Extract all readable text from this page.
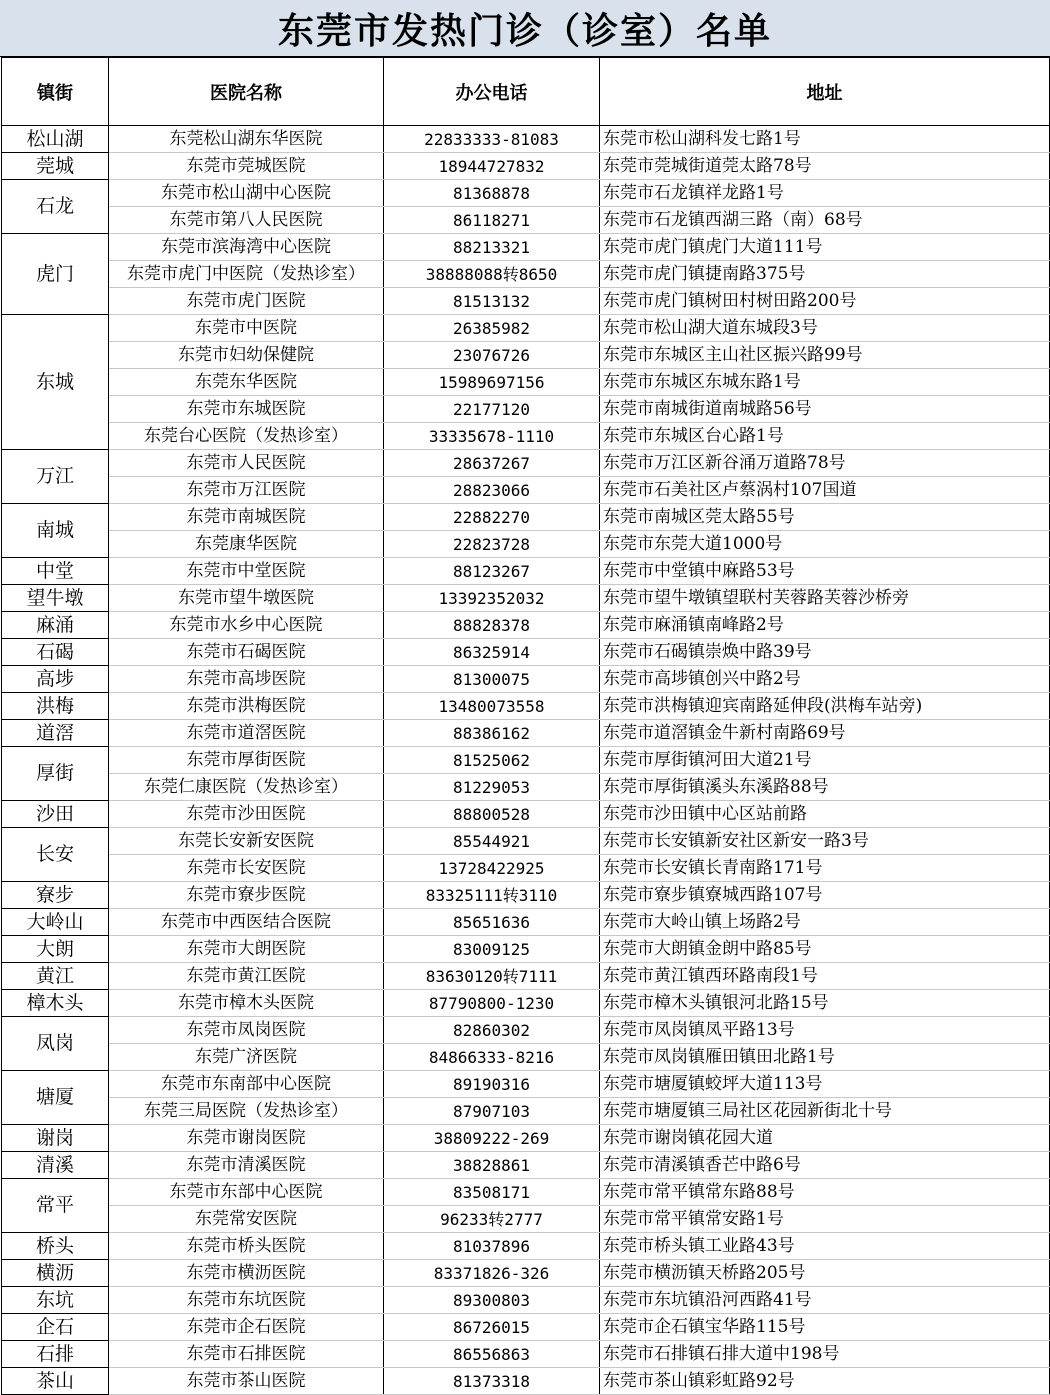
东莞市发热门诊（诊室）名单
镇街	医院名称	办公电话	地址
松山湖	东莞松山湖东华医院	22833333-81083	东莞市松山湖科发七路1号
莞城	东莞市莞城医院	18944727832	东莞市莞城街道莞太路78号
石龙	东莞市松山湖中心医院	81368878	东莞市石龙镇祥龙路1号
	东莞市第八人民医院	86118271	东莞市石龙镇西湖三路（南）68号
虎门	东莞市滨海湾中心医院	88213321	东莞市虎门镇虎门大道111号
	东莞市虎门中医院（发热诊室）	38888088转8650	东莞市虎门镇捷南路375号
	东莞市虎门医院	81513132	东莞市虎门镇树田村树田路200号
东城	东莞市中医院	26385982	东莞市松山湖大道东城段3号
	东莞市妇幼保健院	23076726	东莞市东城区主山社区振兴路99号
	东莞东华医院	15989697156	东莞市东城区东城东路1号
	东莞市东城医院	22177120	东莞市南城街道南城路56号
	东莞台心医院（发热诊室）	33335678-1110	东莞市东城区台心路1号
万江	东莞市人民医院	28637267	东莞市万江区新谷涌万道路78号
	东莞市万江医院	28823066	东莞市石美社区卢蔡涡村107国道
南城	东莞市南城医院	22882270	东莞市南城区莞太路55号
	东莞康华医院	22823728	东莞市东莞大道1000号
中堂	东莞市中堂医院	88123267	东莞市中堂镇中麻路53号
望牛墩	东莞市望牛墩医院	13392352032	东莞市望牛墩镇望联村芙蓉路芙蓉沙桥旁
麻涌	东莞市水乡中心医院	88828378	东莞市麻涌镇南峰路2号
石碣	东莞市石碣医院	86325914	东莞市石碣镇崇焕中路39号
高埗	东莞市高埗医院	81300075	东莞市高埗镇创兴中路2号
洪梅	东莞市洪梅医院	13480073558	东莞市洪梅镇迎宾南路延伸段(洪梅车站旁)
道滘	东莞市道滘医院	88386162	东莞市道滘镇金牛新村南路69号
厚街	东莞市厚街医院	81525062	东莞市厚街镇河田大道21号
	东莞仁康医院（发热诊室）	81229053	东莞市厚街镇溪头东溪路88号
沙田	东莞市沙田医院	88800528	东莞市沙田镇中心区站前路
长安	东莞长安新安医院	85544921	东莞市长安镇新安社区新安一路3号
	东莞市长安医院	13728422925	东莞市长安镇长青南路171号
寮步	东莞市寮步医院	83325111转3110	东莞市寮步镇寮城西路107号
大岭山	东莞市中西医结合医院	85651636	东莞市大岭山镇上场路2号
大朗	东莞市大朗医院	83009125	东莞市大朗镇金朗中路85号
黄江	东莞市黄江医院	83630120转7111	东莞市黄江镇西环路南段1号
樟木头	东莞市樟木头医院	87790800-1230	东莞市樟木头镇银河北路15号
凤岗	东莞市凤岗医院	82860302	东莞市凤岗镇凤平路13号
	东莞广济医院	84866333-8216	东莞市凤岗镇雁田镇田北路1号
塘厦	东莞市东南部中心医院	89190316	东莞市塘厦镇蛟坪大道113号
	东莞三局医院（发热诊室）	87907103	东莞市塘厦镇三局社区花园新街北十号
谢岗	东莞市谢岗医院	38809222-269	东莞市谢岗镇花园大道
清溪	东莞市清溪医院	38828861	东莞市清溪镇香芒中路6号
常平	东莞市东部中心医院	83508171	东莞市常平镇常东路88号
	东莞常安医院	96233转2777	东莞市常平镇常安路1号
桥头	东莞市桥头医院	81037896	东莞市桥头镇工业路43号
横沥	东莞市横沥医院	83371826-326	东莞市横沥镇天桥路205号
东坑	东莞市东坑医院	89300803	东莞市东坑镇沿河西路41号
企石	东莞市企石医院	86726015	东莞市企石镇宝华路115号
石排	东莞市石排医院	86556863	东莞市石排镇石排大道中198号
茶山	东莞市茶山医院	81373318	东莞市茶山镇彩虹路92号
